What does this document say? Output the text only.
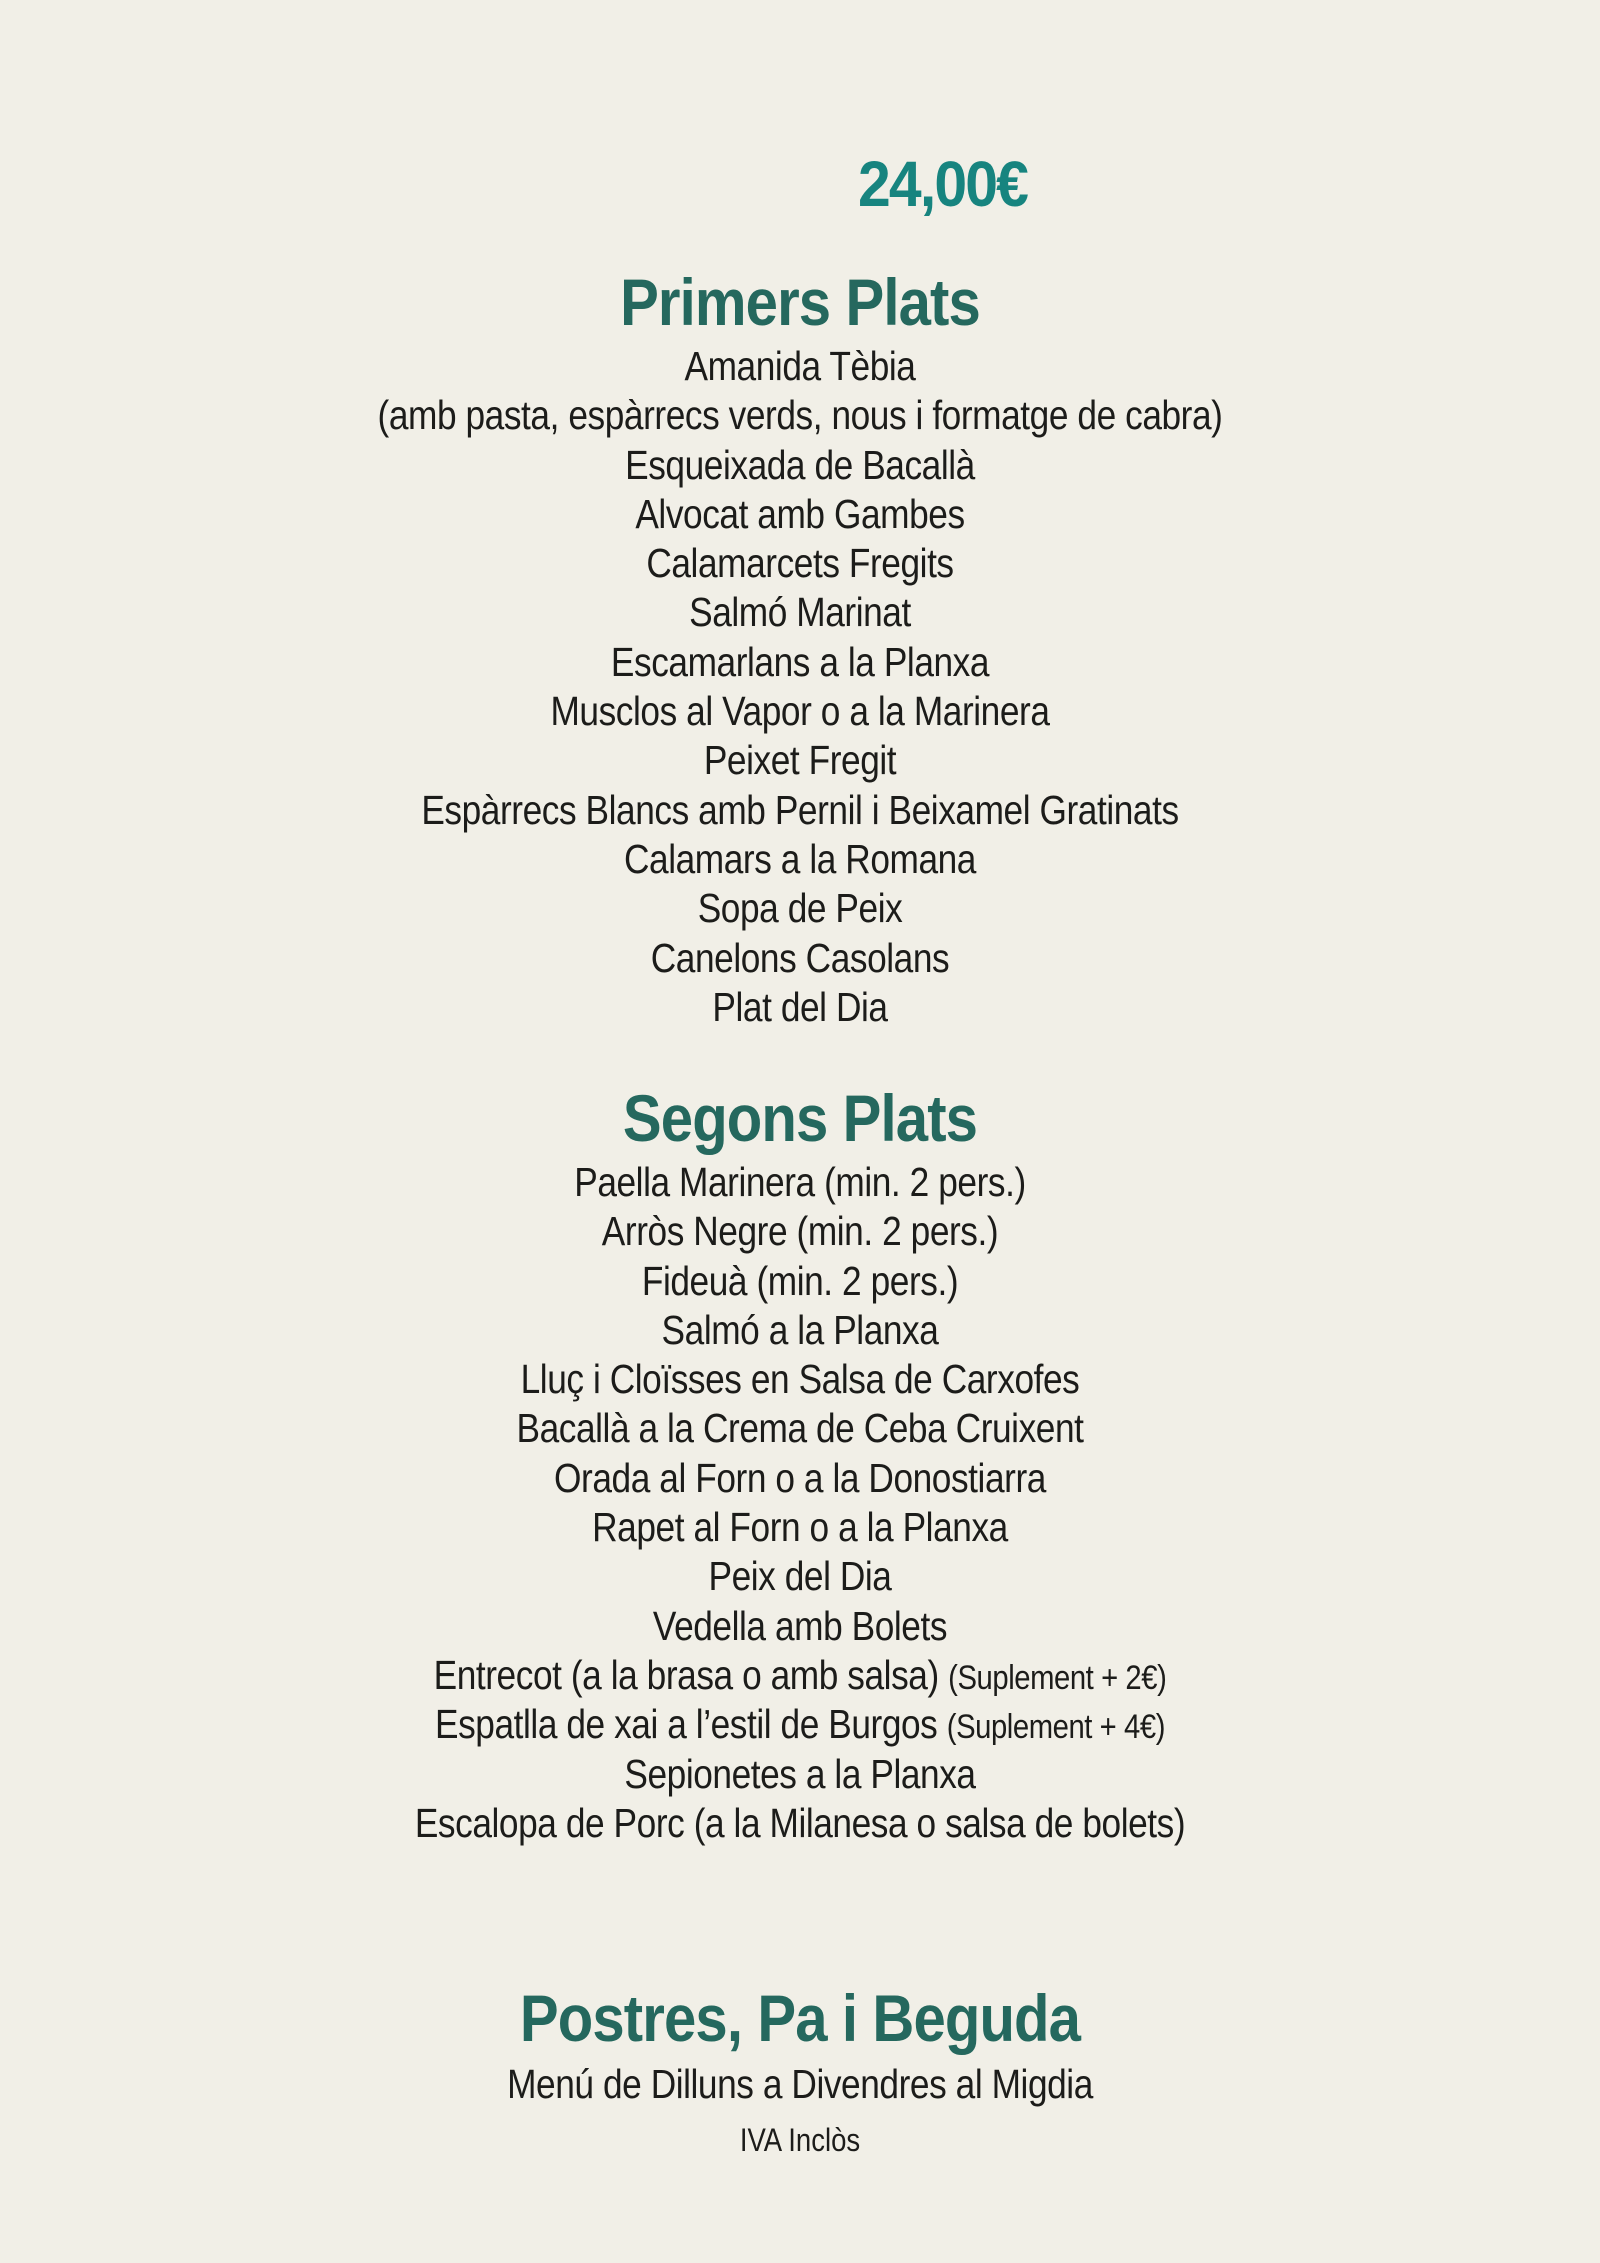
24,00€
Primers Plats
Amanida Tèbia
(amb pasta, espàrrecs verds, nous i formatge de cabra)
Esqueixada de Bacallà
Alvocat amb Gambes
Calamarcets Fregits
Salmó Marinat
Escamarlans a la Planxa
Musclos al Vapor o a la Marinera
Peixet Fregit
Espàrrecs Blancs amb Pernil i Beixamel Gratinats
Calamars a la Romana
Sopa de Peix
Canelons Casolans
Plat del Dia
Segons Plats
Paella Marinera (min. 2 pers.)
Arròs Negre (min. 2 pers.)
Fideuà (min. 2 pers.)
Salmó a la Planxa
Lluç i Cloïsses en Salsa de Carxofes
Bacallà a la Crema de Ceba Cruixent
Orada al Forn o a la Donostiarra
Rapet al Forn o a la Planxa
Peix del Dia
Vedella amb Bolets
Entrecot (a la brasa o amb salsa) (Suplement + 2€)
Espatlla de xai a l’estil de Burgos (Suplement + 4€)
Sepionetes a la Planxa
Escalopa de Porc (a la Milanesa o salsa de bolets)
Postres, Pa i Beguda
Menú de Dilluns a Divendres al Migdia
IVA Inclòs
